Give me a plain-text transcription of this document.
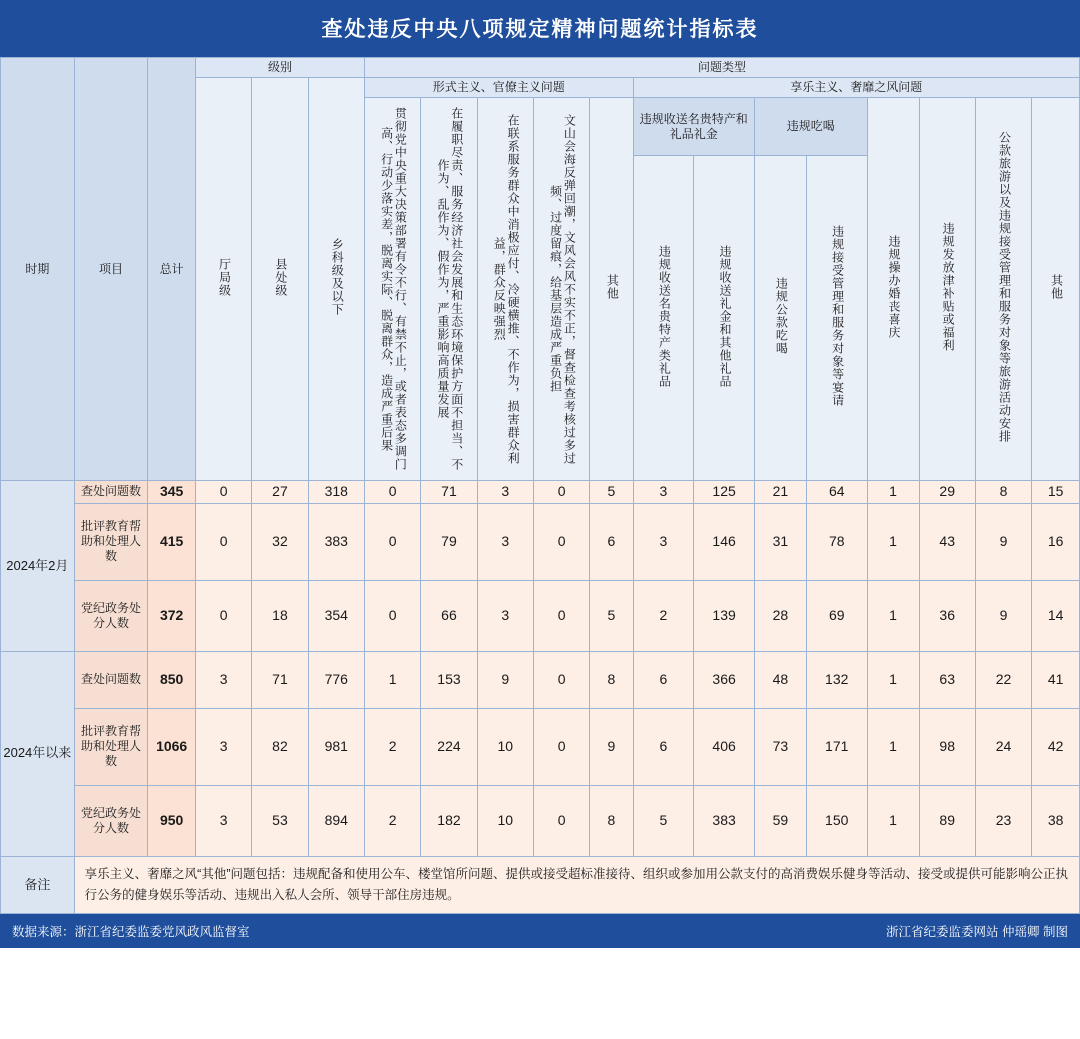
查处违反中央八项规定精神问题统计指标表
时期	项目	总计	级别			问题类型												
			厅局级	县处级	乡科级及以下	形式主义、官僚主义问题					享乐主义、奢靡之风问题							

						贯彻党中央重大决策部署有令不行、有禁不止，或者表态多调门高、行动少落实差，脱离实际、脱离群众，造成严重后果	在履职尽责、服务经济社会发展和生态环境保护方面不担当、不作为、乱作为、假作为，严重影响高质量发展	在联系服务群众中消极应付、冷硬横推、不作为，损害群众利益，群众反映强烈	文山会海反弹回潮，文风会风不实不正，督查检查考核过多过频、过度留痕，给基层造成严重负担	其他	违规收送名贵特产和礼品礼金		违规吃喝		违规操办婚丧喜庆	违规发放津补贴或福利	公款旅游以及违规接受管理和服务对象等旅游活动安排	其他
											违规收送名贵特产类礼品	违规收送礼金和其他礼品	违规公款吃喝	违规接受管理和服务对象等宴请				
2024年2月	查处问题数	345	0	27	318	0	71	3	0	5	3	125	21	64	1	29	8	15
	批评教育帮助和处理人数	415	0	32	383	0	79	3	0	6	3	146	31	78	1	43	9	16
	党纪政务处分人数	372	0	18	354	0	66	3	0	5	2	139	28	69	1	36	9	14
2024年以来	查处问题数	850	3	71	776	1	153	9	0	8	6	366	48	132	1	63	22	41
	批评教育帮助和处理人数	1066	3	82	981	2	224	10	0	9	6	406	73	171	1	98	24	42
	党纪政务处分人数	950	3	53	894	2	182	10	0	8	5	383	59	150	1	89	23	38
备注	享乐主义、奢靡之风“其他”问题包括：违规配备和使用公车、楼堂馆所问题、提供或接受超标准接待、组织或参加用公款支付的高消费娱乐健身等活动、接受或提供可能影响公正执行公务的健身娱乐等活动、违规出入私人会所、领导干部住房违规。																	
数据来源：浙江省纪委监委党风政风监督室	浙江省纪委监委网站 仲瑶卿 制图
